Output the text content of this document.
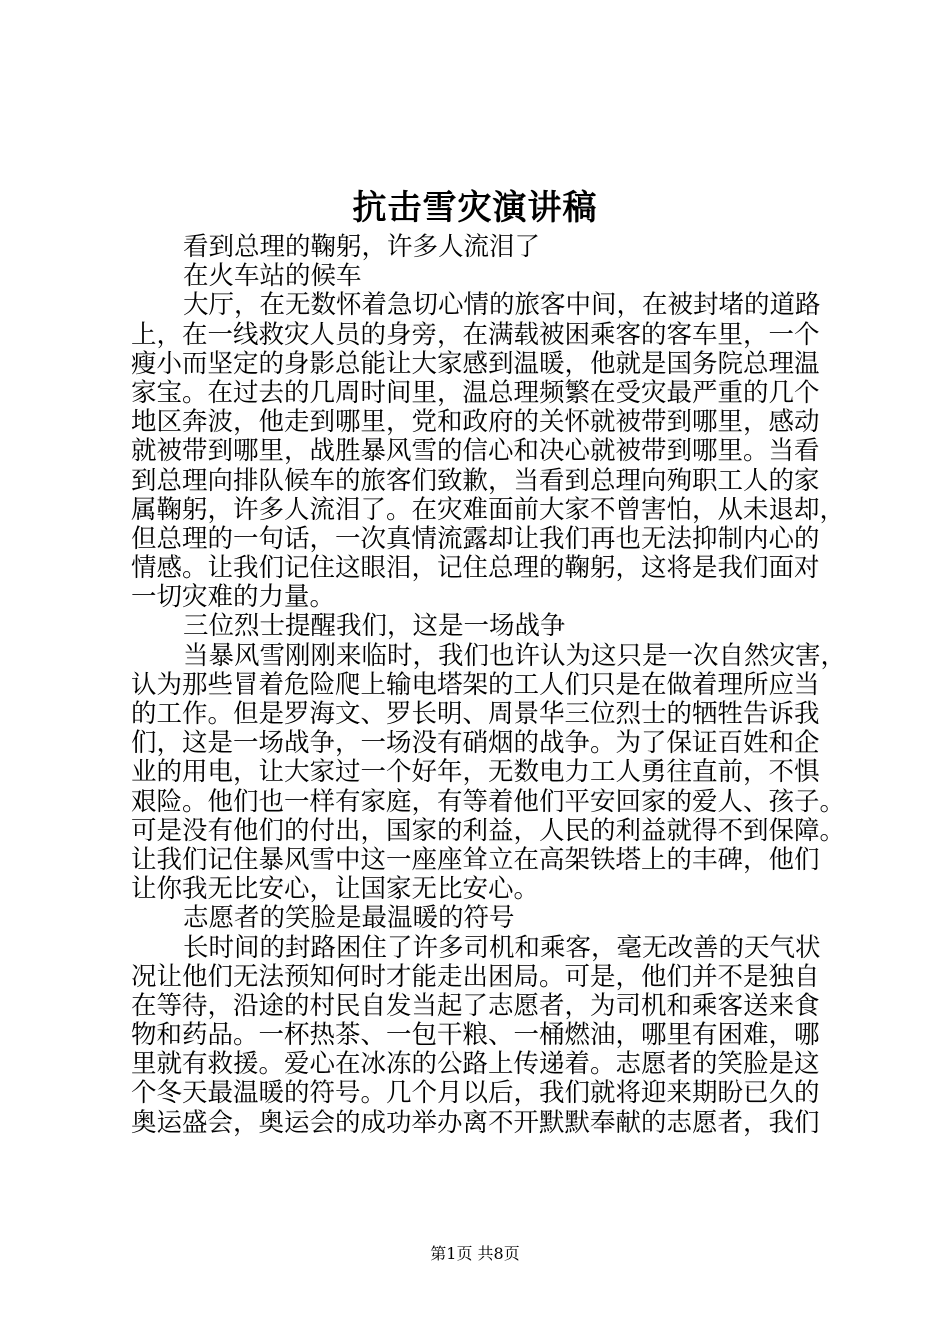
抗击雪灾演讲稿
看到总理的鞠躬，许多人流泪了
在火车站的候车
大厅，在无数怀着急切心情的旅客中间，在被封堵的道路
上，在一线救灾人员的身旁，在满载被困乘客的客车里，一个
瘦小而坚定的身影总能让大家感到温暖，他就是国务院总理温
家宝。在过去的几周时间里，温总理频繁在受灾最严重的几个
地区奔波，他走到哪里，党和政府的关怀就被带到哪里，感动
就被带到哪里，战胜暴风雪的信心和决心就被带到哪里。当看
到总理向排队候车的旅客们致歉，当看到总理向殉职工人的家
属鞠躬，许多人流泪了。在灾难面前大家不曾害怕，从未退却，
但总理的一句话，一次真情流露却让我们再也无法抑制内心的
情感。让我们记住这眼泪，记住总理的鞠躬，这将是我们面对
一切灾难的力量。
三位烈士提醒我们，这是一场战争
当暴风雪刚刚来临时，我们也许认为这只是一次自然灾害，
认为那些冒着危险爬上输电塔架的工人们只是在做着理所应当
的工作。但是罗海文、罗长明、周景华三位烈士的牺牲告诉我
们，这是一场战争，一场没有硝烟的战争。为了保证百姓和企
业的用电，让大家过一个好年，无数电力工人勇往直前，不惧
艰险。他们也一样有家庭，有等着他们平安回家的爱人、孩子。
可是没有他们的付出，国家的利益，人民的利益就得不到保障。
让我们记住暴风雪中这一座座耸立在高架铁塔上的丰碑，他们
让你我无比安心，让国家无比安心。
志愿者的笑脸是最温暖的符号
长时间的封路困住了许多司机和乘客，毫无改善的天气状
况让他们无法预知何时才能走出困局。可是，他们并不是独自
在等待，沿途的村民自发当起了志愿者，为司机和乘客送来食
物和药品。一杯热茶、一包干粮、一桶燃油，哪里有困难，哪
里就有救援。爱心在冰冻的公路上传递着。志愿者的笑脸是这
个冬天最温暖的符号。几个月以后，我们就将迎来期盼已久的
奥运盛会，奥运会的成功举办离不开默默奉献的志愿者，我们
第1页 共8页
